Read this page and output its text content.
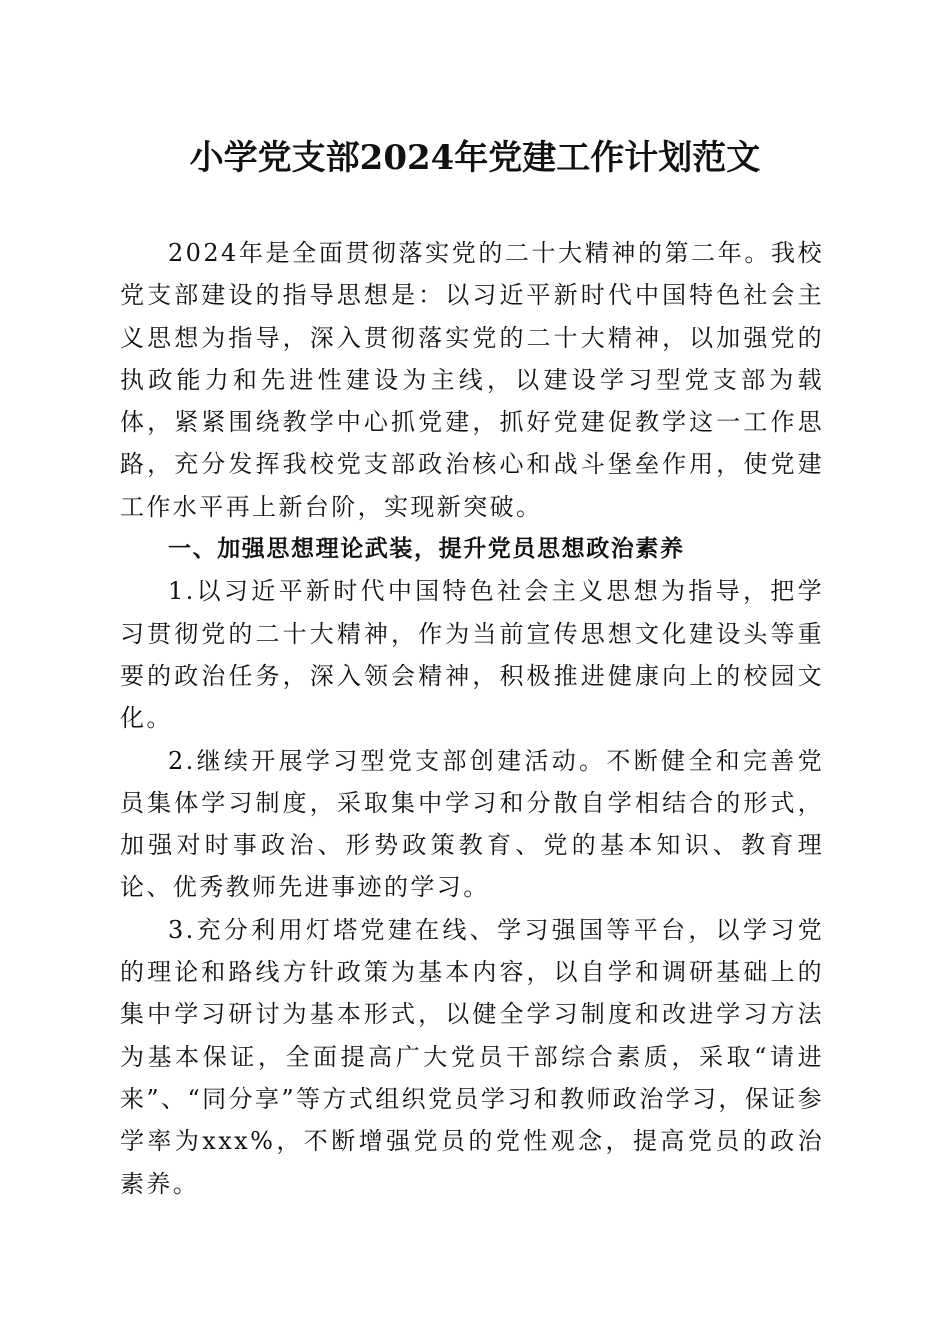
小学党支部2024年党建工作计划范文

2024年是全面贯彻落实党的二十大精神的第二年。我校党支部建设的指导思想是：以习近平新时代中国特色社会主义思想为指导，深入贯彻落实党的二十大精神，以加强党的执政能力和先进性建设为主线，以建设学习型党支部为载体，紧紧围绕教学中心抓党建，抓好党建促教学这一工作思路，充分发挥我校党支部政治核心和战斗堡垒作用，使党建工作水平再上新台阶，实现新突破。

一、加强思想理论武装，提升党员思想政治素养

1.以习近平新时代中国特色社会主义思想为指导，把学习贯彻党的二十大精神，作为当前宣传思想文化建设头等重要的政治任务，深入领会精神，积极推进健康向上的校园文化。

2.继续开展学习型党支部创建活动。不断健全和完善党员集体学习制度，采取集中学习和分散自学相结合的形式，加强对时事政治、形势政策教育、党的基本知识、教育理论、优秀教师先进事迹的学习。

3.充分利用灯塔党建在线、学习强国等平台，以学习党的理论和路线方针政策为基本内容，以自学和调研基础上的集中学习研讨为基本形式，以健全学习制度和改进学习方法为基本保证，全面提高广大党员干部综合素质，采取“请进来”、“同分享”等方式组织党员学习和教师政治学习，保证参学率为xxx%，不断增强党员的党性观念，提高党员的政治素养。
